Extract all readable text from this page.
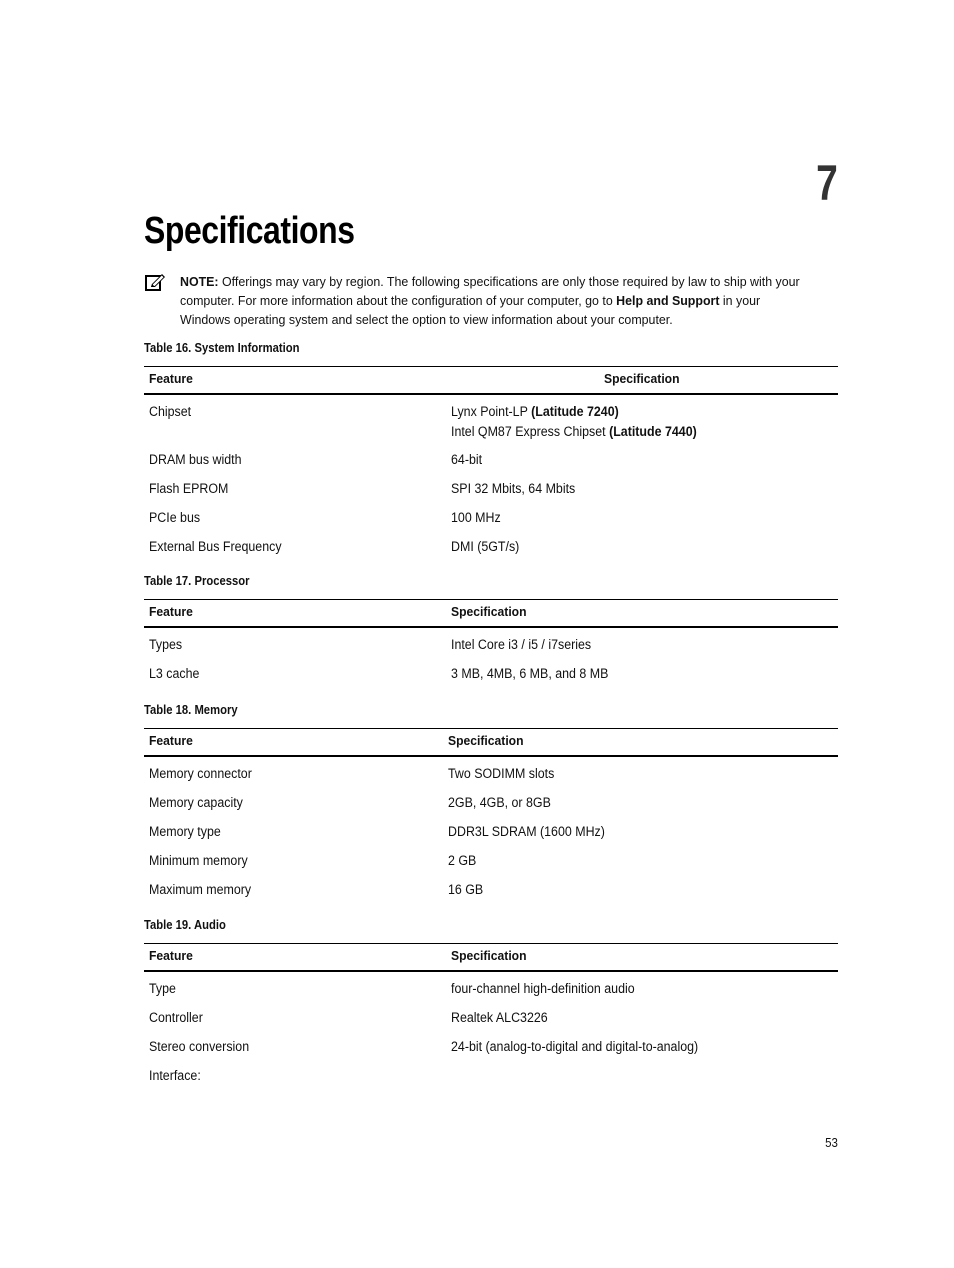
7
Specifications
NOTE: Offerings may vary by region. The following specifications are only those required by law to ship with your computer. For more information about the configuration of your computer, go to Help and Support in your Windows operating system and select the option to view information about your computer.
Table 16. System Information
Feature	Specification
Chipset	Lynx Point-LP (Latitude 7240)
Intel QM87 Express Chipset (Latitude 7440)
DRAM bus width	64-bit
Flash EPROM	SPI 32 Mbits, 64 Mbits
PCIe bus	100 MHz
External Bus Frequency	DMI (5GT/s)
Table 17. Processor
Feature	Specification
Types	Intel Core i3 / i5 / i7series
L3 cache	3 MB, 4MB, 6 MB, and 8 MB
Table 18. Memory
Feature	Specification
Memory connector	Two SODIMM slots
Memory capacity	2GB, 4GB, or 8GB
Memory type	DDR3L SDRAM (1600 MHz)
Minimum memory	2 GB
Maximum memory	16 GB
Table 19. Audio
Feature	Specification
Type	four-channel high-definition audio
Controller	Realtek ALC3226
Stereo conversion	24-bit (analog-to-digital and digital-to-analog)
Interface:
53
